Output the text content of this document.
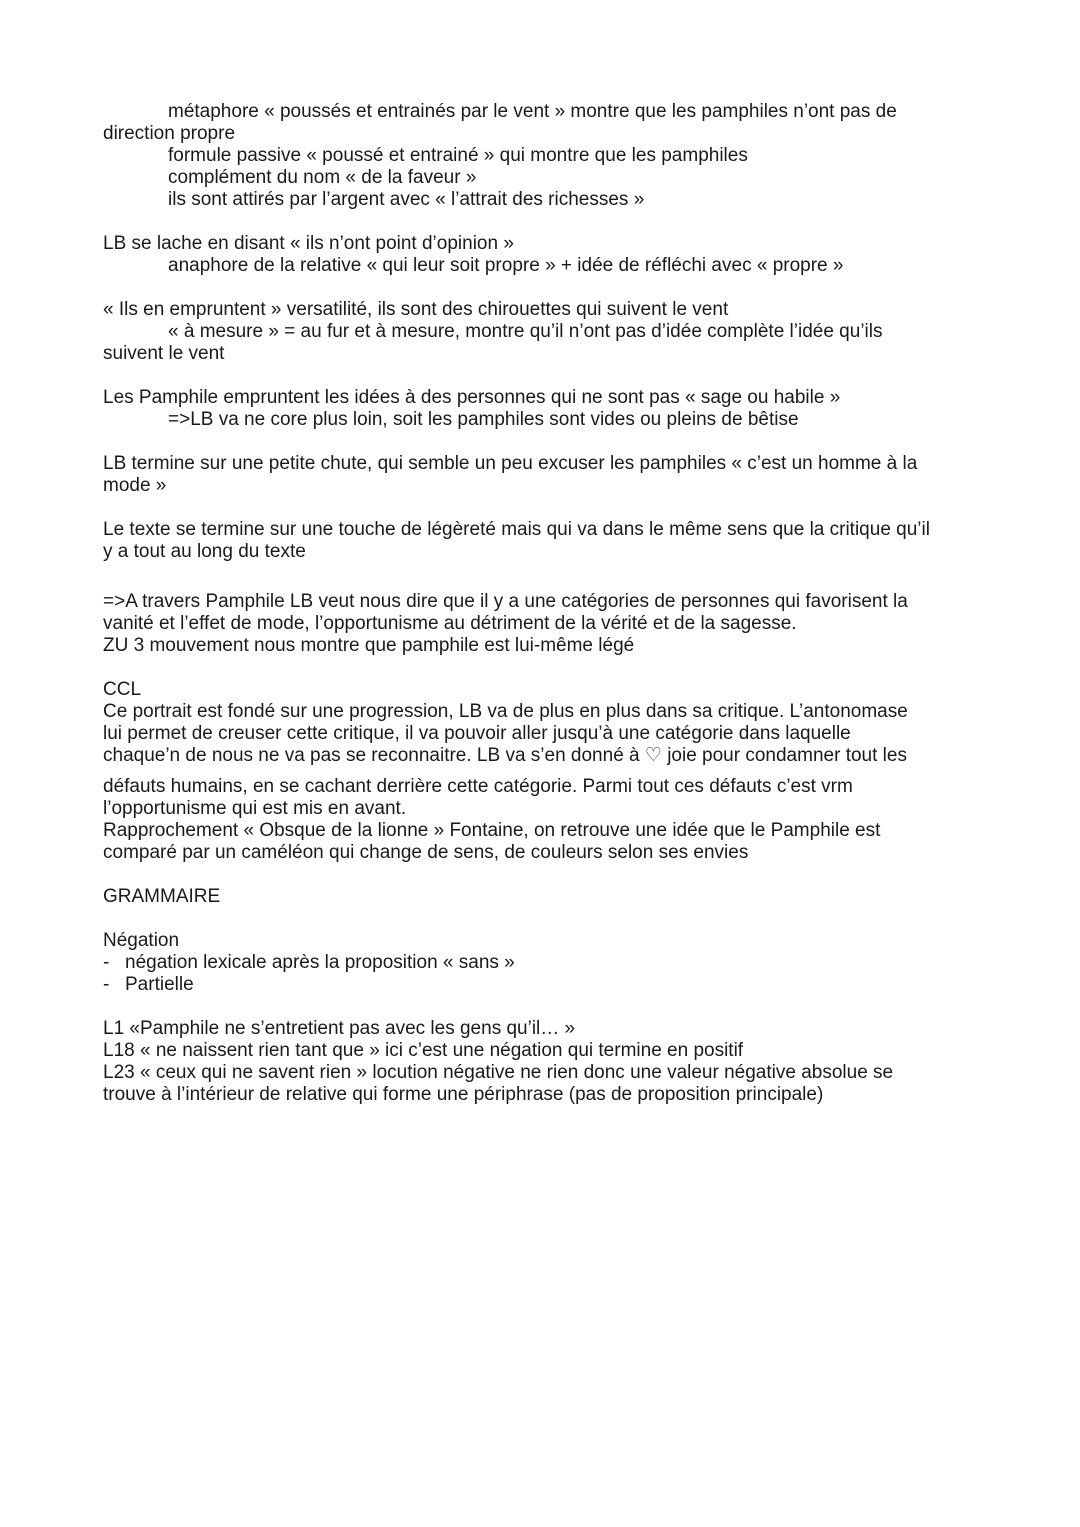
métaphore « poussés et entrainés par le vent » montre que les pamphiles n’ont pas de
direction propre
formule passive « poussé et entrainé » qui montre que les pamphiles
complément du nom « de la faveur »
ils sont attirés par l’argent avec « l’attrait des richesses »
LB se lache en disant « ils n’ont point d’opinion »
anaphore de la relative « qui leur soit propre » + idée de réfléchi avec « propre »
« Ils en empruntent » versatilité, ils sont des chirouettes qui suivent le vent
« à mesure » = au fur et à mesure, montre qu’il n’ont pas d’idée complète l’idée qu’ils
suivent le vent
Les Pamphile empruntent les idées à des personnes qui ne sont pas « sage ou habile »
=>LB va ne core plus loin, soit les pamphiles sont vides ou pleins de bêtise
LB termine sur une petite chute, qui semble un peu excuser les pamphiles « c’est un homme à la
mode »
Le texte se termine sur une touche de légèreté mais qui va dans le même sens que la critique qu’il
y a tout au long du texte
=>A travers Pamphile LB veut nous dire que il y a une catégories de personnes qui favorisent la
vanité et l’effet de mode, l’opportunisme au détriment de la vérité et de la sagesse.
ZU 3 mouvement nous montre que pamphile est lui-même légé
CCL
Ce portrait est fondé sur une progression, LB va de plus en plus dans sa critique. L’antonomase
lui permet de creuser cette critique, il va pouvoir aller jusqu’à une catégorie dans laquelle
chaque’n de nous ne va pas se reconnaitre. LB va s’en donné à ♡ joie pour condamner tout les
défauts humains, en se cachant derrière cette catégorie. Parmi tout ces défauts c’est vrm
l’opportunisme qui est mis en avant.
Rapprochement « Obsque de la lionne » Fontaine, on retrouve une idée que le Pamphile est
comparé par un caméléon qui change de sens, de couleurs selon ses envies
GRAMMAIRE
Négation
- négation lexicale après la proposition « sans »
- Partielle
L1 «Pamphile ne s’entretient pas avec les gens qu’il… »
L18 « ne naissent rien tant que » ici c’est une négation qui termine en positif
L23 « ceux qui ne savent rien » locution négative ne rien donc une valeur négative absolue se
trouve à l’intérieur de relative qui forme une périphrase (pas de proposition principale)
